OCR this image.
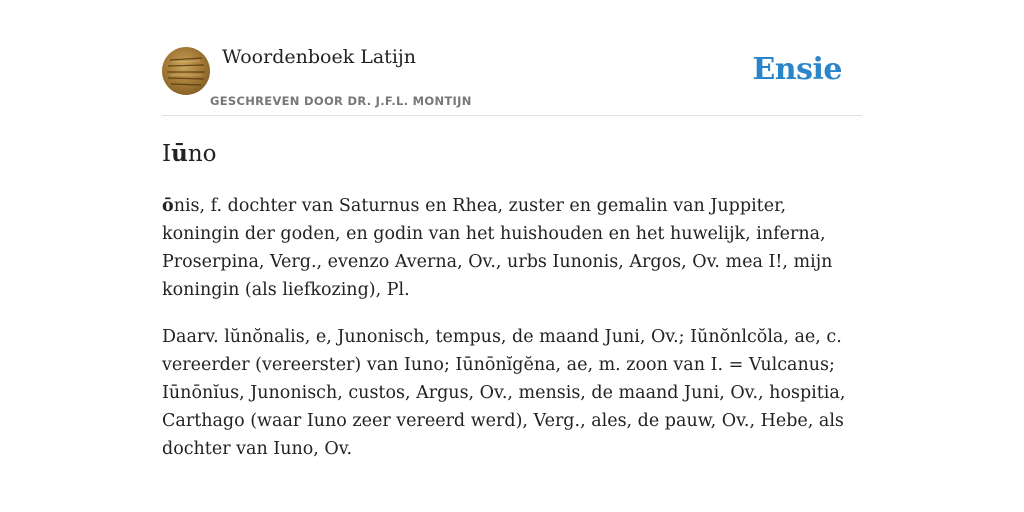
Woordenboek Latijn
GESCHREVEN DOOR DR. J.F.L. MONTIJN
Ensie
Iūno

ōnis, f. dochter van Saturnus en Rhea, zuster en gemalin van Juppiter, koningin der goden, en godin van het huishouden en het huwelijk, inferna, Proserpina, Verg., evenzo Averna, Ov., urbs Iunonis, Argos, Ov. mea I!, mijn koningin (als liefkozing), Pl.

Daarv. lŭnŏnalis, e, Junonisch, tempus, de maand Juni, Ov.; Iŭnŏnlcŏla, ae, c. vereerder (vereerster) van Iuno; Iūnōnĭgĕna, ae, m. zoon van I. = Vulcanus; Iūnōnĭus, Junonisch, custos, Argus, Ov., mensis, de maand Juni, Ov., hospitia, Carthago (waar Iuno zeer vereerd werd), Verg., ales, de pauw, Ov., Hebe, als dochter van Iuno, Ov.
